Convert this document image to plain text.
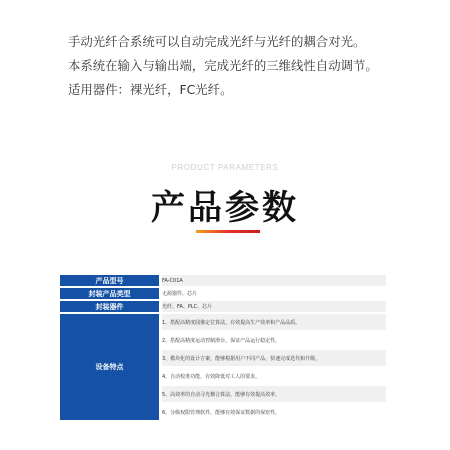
手动光纤合系统可以自动完成光纤与光纤的耦合对光。
本系统在输入与输出端，完成光纤的三维线性自动调节。
适用器件：裸光纤，FC光纤。
PRODUCT PARAMETERS
产品参数
产品型号	FA-C01A
封装产品类型	无源器件、芯片
封装器件	光纤、FA、PLC、芯片
设备特点	1、搭配高精度圆像定位算法，有效提高生产效率和产品品质。
	2、搭配高精度运动控制滑台，保证产品运行稳定性。
	3、模块化的设计方案，能够根据用户不同产品，快速完成迭代和升级。
	4、自动校准功能，有效降低对工人的要求。
	5、高效率的自动寻光耦合算法，能够有效提高效率。
	6、分级权限管理软件，能够有效保证数据的保密性。
